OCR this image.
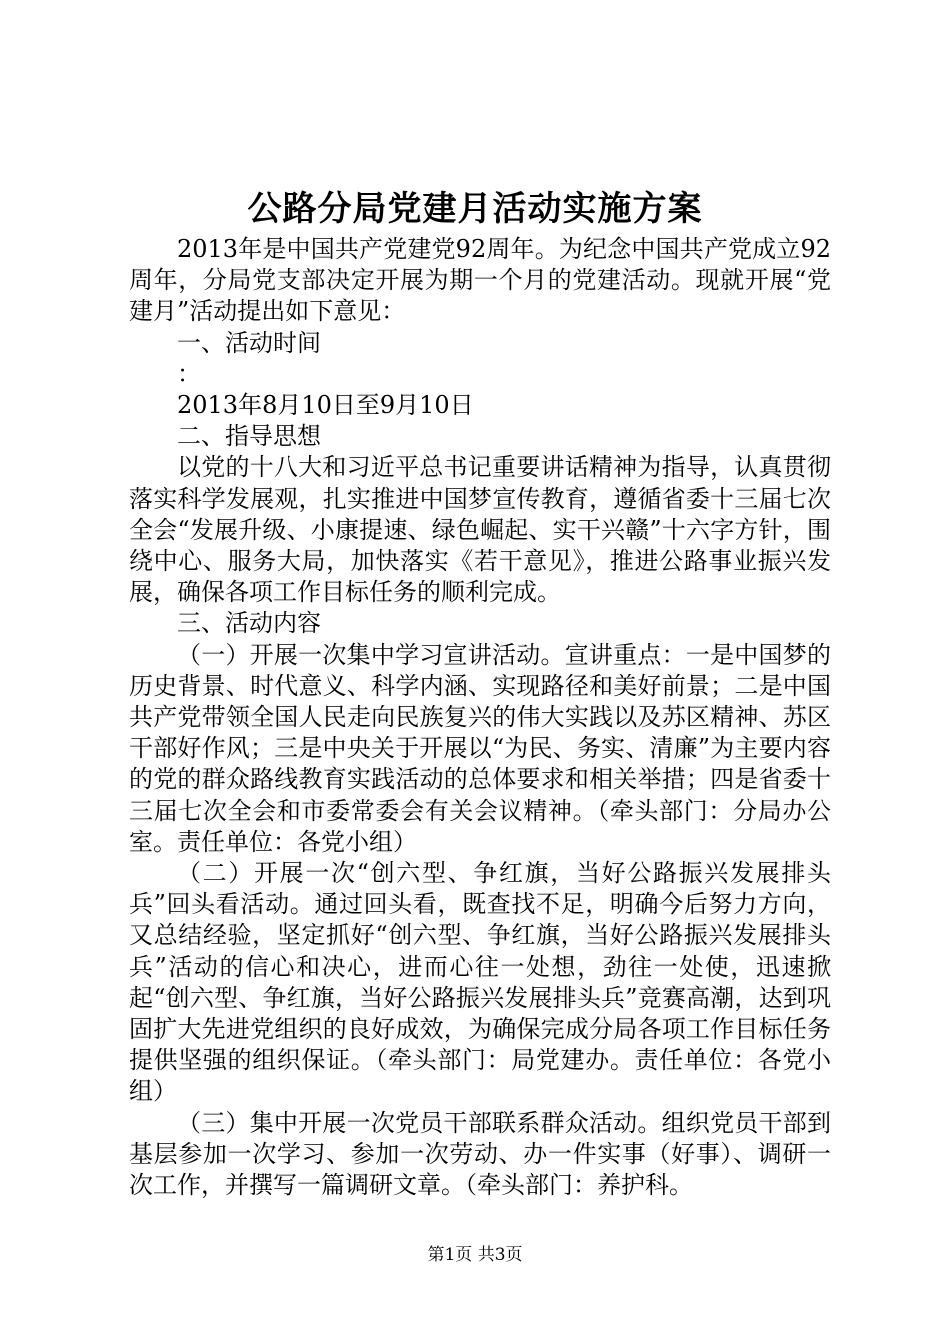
公路分局党建月活动实施方案

2013年是中国共产党建党92周年。为纪念中国共产党成立92周年，分局党支部决定开展为期一个月的党建活动。现就开展“党建月”活动提出如下意见：

一、活动时间

：

2013年8月10日至9月10日

二、指导思想

以党的十八大和习近平总书记重要讲话精神为指导，认真贯彻落实科学发展观，扎实推进中国梦宣传教育，遵循省委十三届七次全会“发展升级、小康提速、绿色崛起、实干兴赣”十六字方针，围绕中心、服务大局，加快落实《若干意见》，推进公路事业振兴发展，确保各项工作目标任务的顺利完成。

三、活动内容

（一）开展一次集中学习宣讲活动。宣讲重点：一是中国梦的历史背景、时代意义、科学内涵、实现路径和美好前景；二是中国共产党带领全国人民走向民族复兴的伟大实践以及苏区精神、苏区干部好作风；三是中央关于开展以“为民、务实、清廉”为主要内容的党的群众路线教育实践活动的总体要求和相关举措；四是省委十三届七次全会和市委常委会有关会议精神。（牵头部门：分局办公室。责任单位：各党小组）

（二）开展一次“创六型、争红旗，当好公路振兴发展排头兵”回头看活动。通过回头看，既查找不足，明确今后努力方向，又总结经验，坚定抓好“创六型、争红旗，当好公路振兴发展排头兵”活动的信心和决心，进而心往一处想，劲往一处使，迅速掀起“创六型、争红旗，当好公路振兴发展排头兵”竞赛高潮，达到巩固扩大先进党组织的良好成效，为确保完成分局各项工作目标任务提供坚强的组织保证。（牵头部门：局党建办。责任单位：各党小组）

（三）集中开展一次党员干部联系群众活动。组织党员干部到基层参加一次学习、参加一次劳动、办一件实事（好事）、调研一次工作，并撰写一篇调研文章。（牵头部门：养护科。

第1页 共3页
